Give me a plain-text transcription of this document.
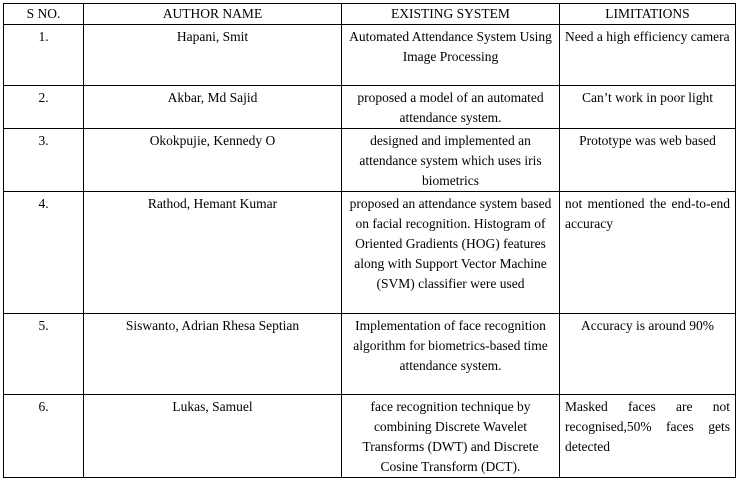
S NO.	AUTHOR NAME	EXISTING SYSTEM	LIMITATIONS
1.	Hapani, Smit	Automated Attendance System Using Image Processing	Need a high efficiency camera
2.	Akbar, Md Sajid	proposed a model of an automated attendance system.	Can’t work in poor light
3.	Okokpujie, Kennedy O	designed and implemented an attendance system which uses iris biometrics	Prototype was web based
4.	Rathod, Hemant Kumar	proposed an attendance system based on facial recognition. Histogram of Oriented Gradients (HOG) features along with Support Vector Machine (SVM) classifier were used	not mentioned the end-to-end accuracy
5.	Siswanto, Adrian Rhesa Septian	Implementation of face recognition algorithm for biometrics-based time attendance system.	Accuracy is around 90%
6.	Lukas, Samuel	face recognition technique by combining Discrete Wavelet Transforms (DWT) and Discrete Cosine Transform (DCT).	Masked faces are not recognised,50% faces gets detected
